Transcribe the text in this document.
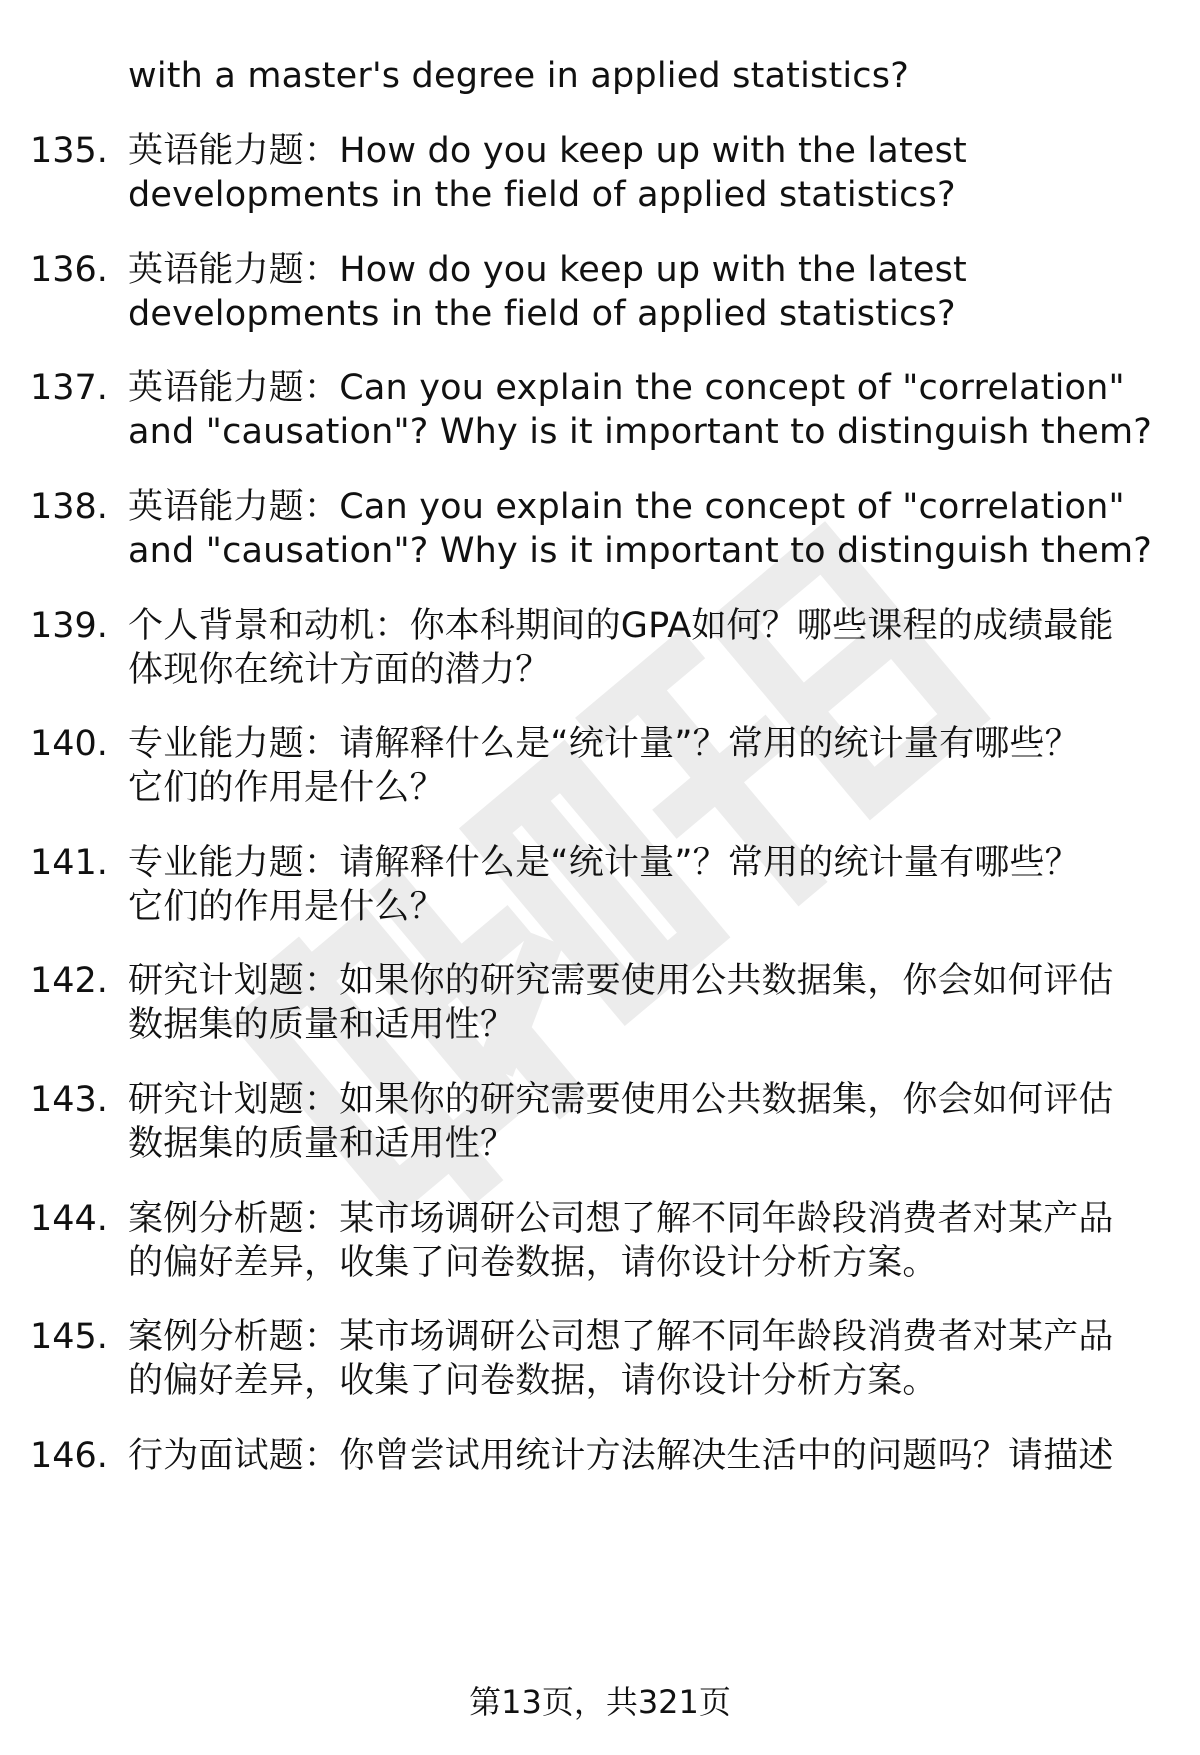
with a master's degree in applied statistics?
135. 英语能力题：How do you keep up with the latest
developments in the field of applied statistics?
136. 英语能力题：How do you keep up with the latest
developments in the field of applied statistics?
137. 英语能力题：Can you explain the concept of "correlation"
and "causation"? Why is it important to distinguish them?
138. 英语能力题：Can you explain the concept of "correlation"
and "causation"? Why is it important to distinguish them?
139. 个人背景和动机：你本科期间的GPA如何？哪些课程的成绩最能
体现你在统计方面的潜力？
140. 专业能力题：请解释什么是“统计量”？常用的统计量有哪些？
它们的作用是什么？
141. 专业能力题：请解释什么是“统计量”？常用的统计量有哪些？
它们的作用是什么？
142. 研究计划题：如果你的研究需要使用公共数据集，你会如何评估
数据集的质量和适用性？
143. 研究计划题：如果你的研究需要使用公共数据集，你会如何评估
数据集的质量和适用性？
144. 案例分析题：某市场调研公司想了解不同年龄段消费者对某产品
的偏好差异，收集了问卷数据，请你设计分析方案。
145. 案例分析题：某市场调研公司想了解不同年龄段消费者对某产品
的偏好差异，收集了问卷数据，请你设计分析方案。
146. 行为面试题：你曾尝试用统计方法解决生活中的问题吗？请描述
第13页，共321页
